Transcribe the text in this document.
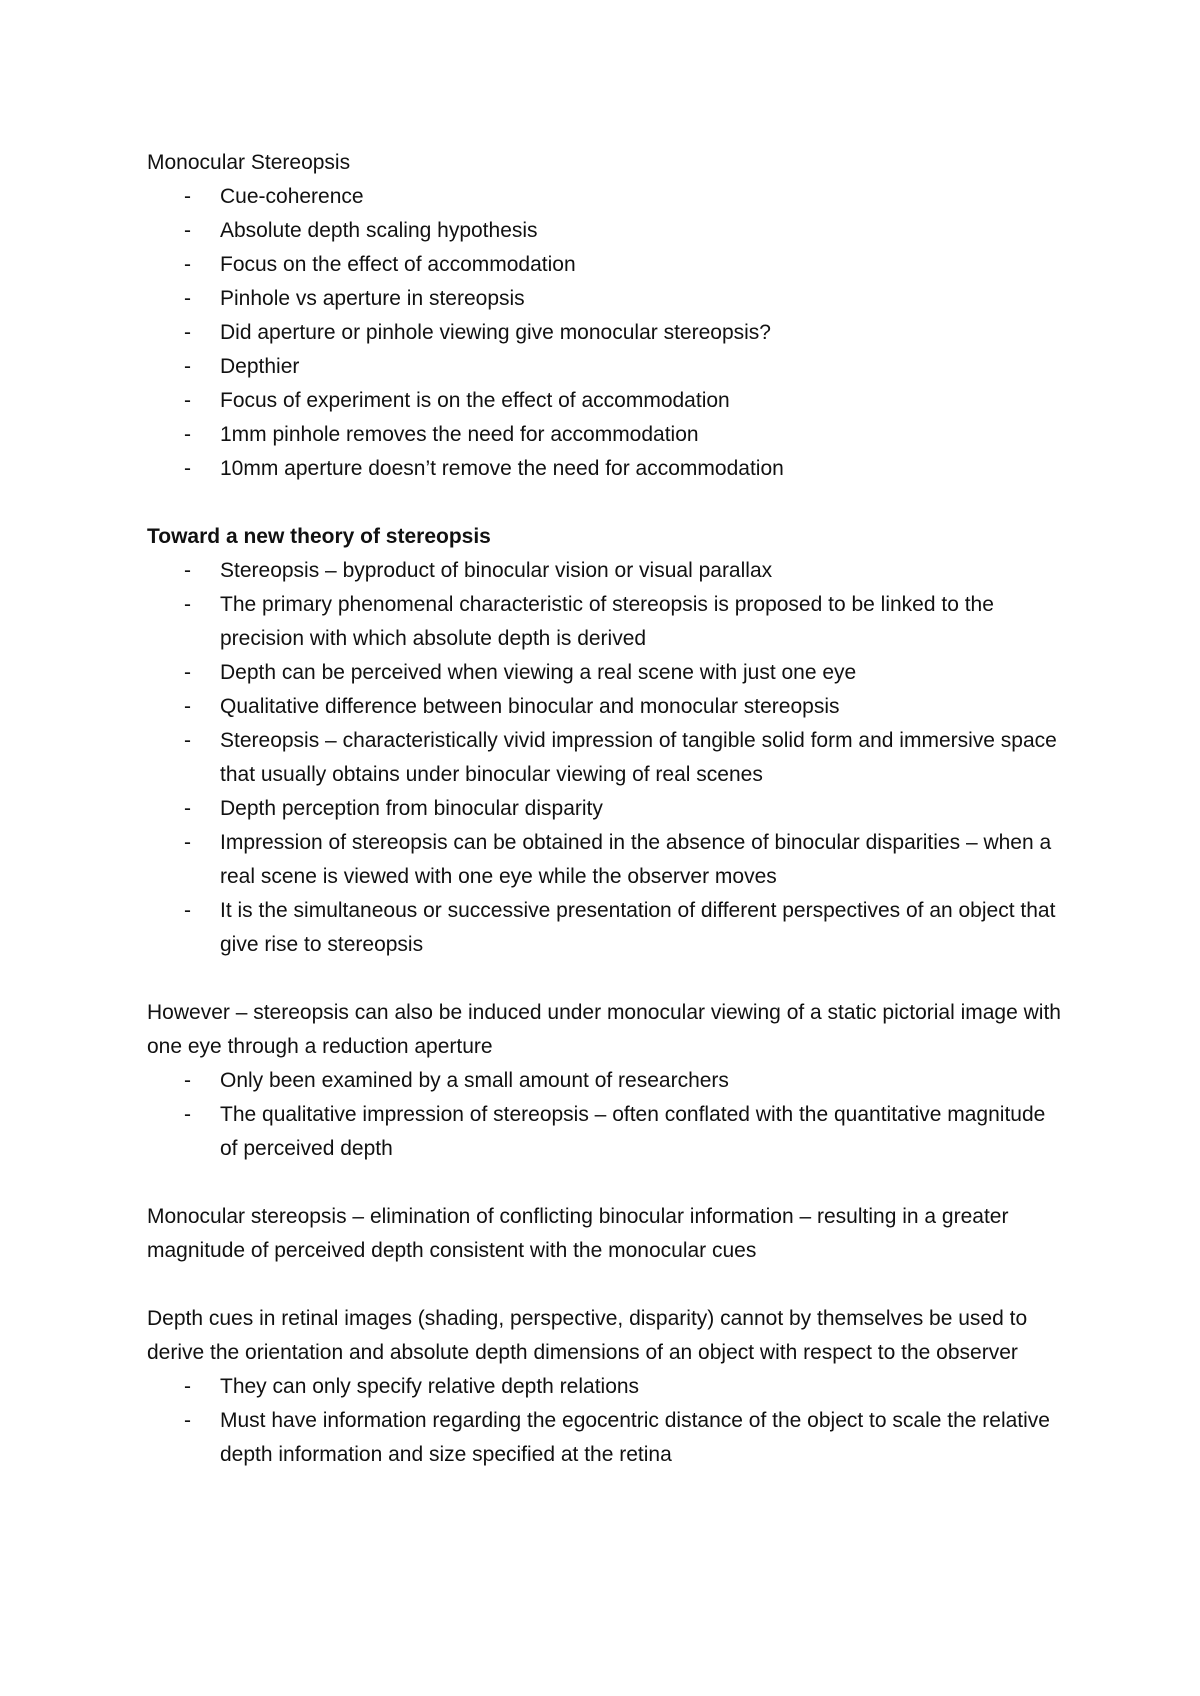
Monocular Stereopsis

- Cue-coherence
- Absolute depth scaling hypothesis
- Focus on the effect of accommodation
- Pinhole vs aperture in stereopsis
- Did aperture or pinhole viewing give monocular stereopsis?
- Depthier
- Focus of experiment is on the effect of accommodation
- 1mm pinhole removes the need for accommodation
- 10mm aperture doesn’t remove the need for accommodation

Toward a new theory of stereopsis

- Stereopsis – byproduct of binocular vision or visual parallax
- The primary phenomenal characteristic of stereopsis is proposed to be linked to the precision with which absolute depth is derived
- Depth can be perceived when viewing a real scene with just one eye
- Qualitative difference between binocular and monocular stereopsis
- Stereopsis – characteristically vivid impression of tangible solid form and immersive space that usually obtains under binocular viewing of real scenes
- Depth perception from binocular disparity
- Impression of stereopsis can be obtained in the absence of binocular disparities – when a real scene is viewed with one eye while the observer moves
- It is the simultaneous or successive presentation of different perspectives of an object that give rise to stereopsis

However – stereopsis can also be induced under monocular viewing of a static pictorial image with one eye through a reduction aperture

- Only been examined by a small amount of researchers
- The qualitative impression of stereopsis – often conflated with the quantitative magnitude of perceived depth

Monocular stereopsis – elimination of conflicting binocular information – resulting in a greater magnitude of perceived depth consistent with the monocular cues

Depth cues in retinal images (shading, perspective, disparity) cannot by themselves be used to derive the orientation and absolute depth dimensions of an object with respect to the observer

- They can only specify relative depth relations
- Must have information regarding the egocentric distance of the object to scale the relative depth information and size specified at the retina
